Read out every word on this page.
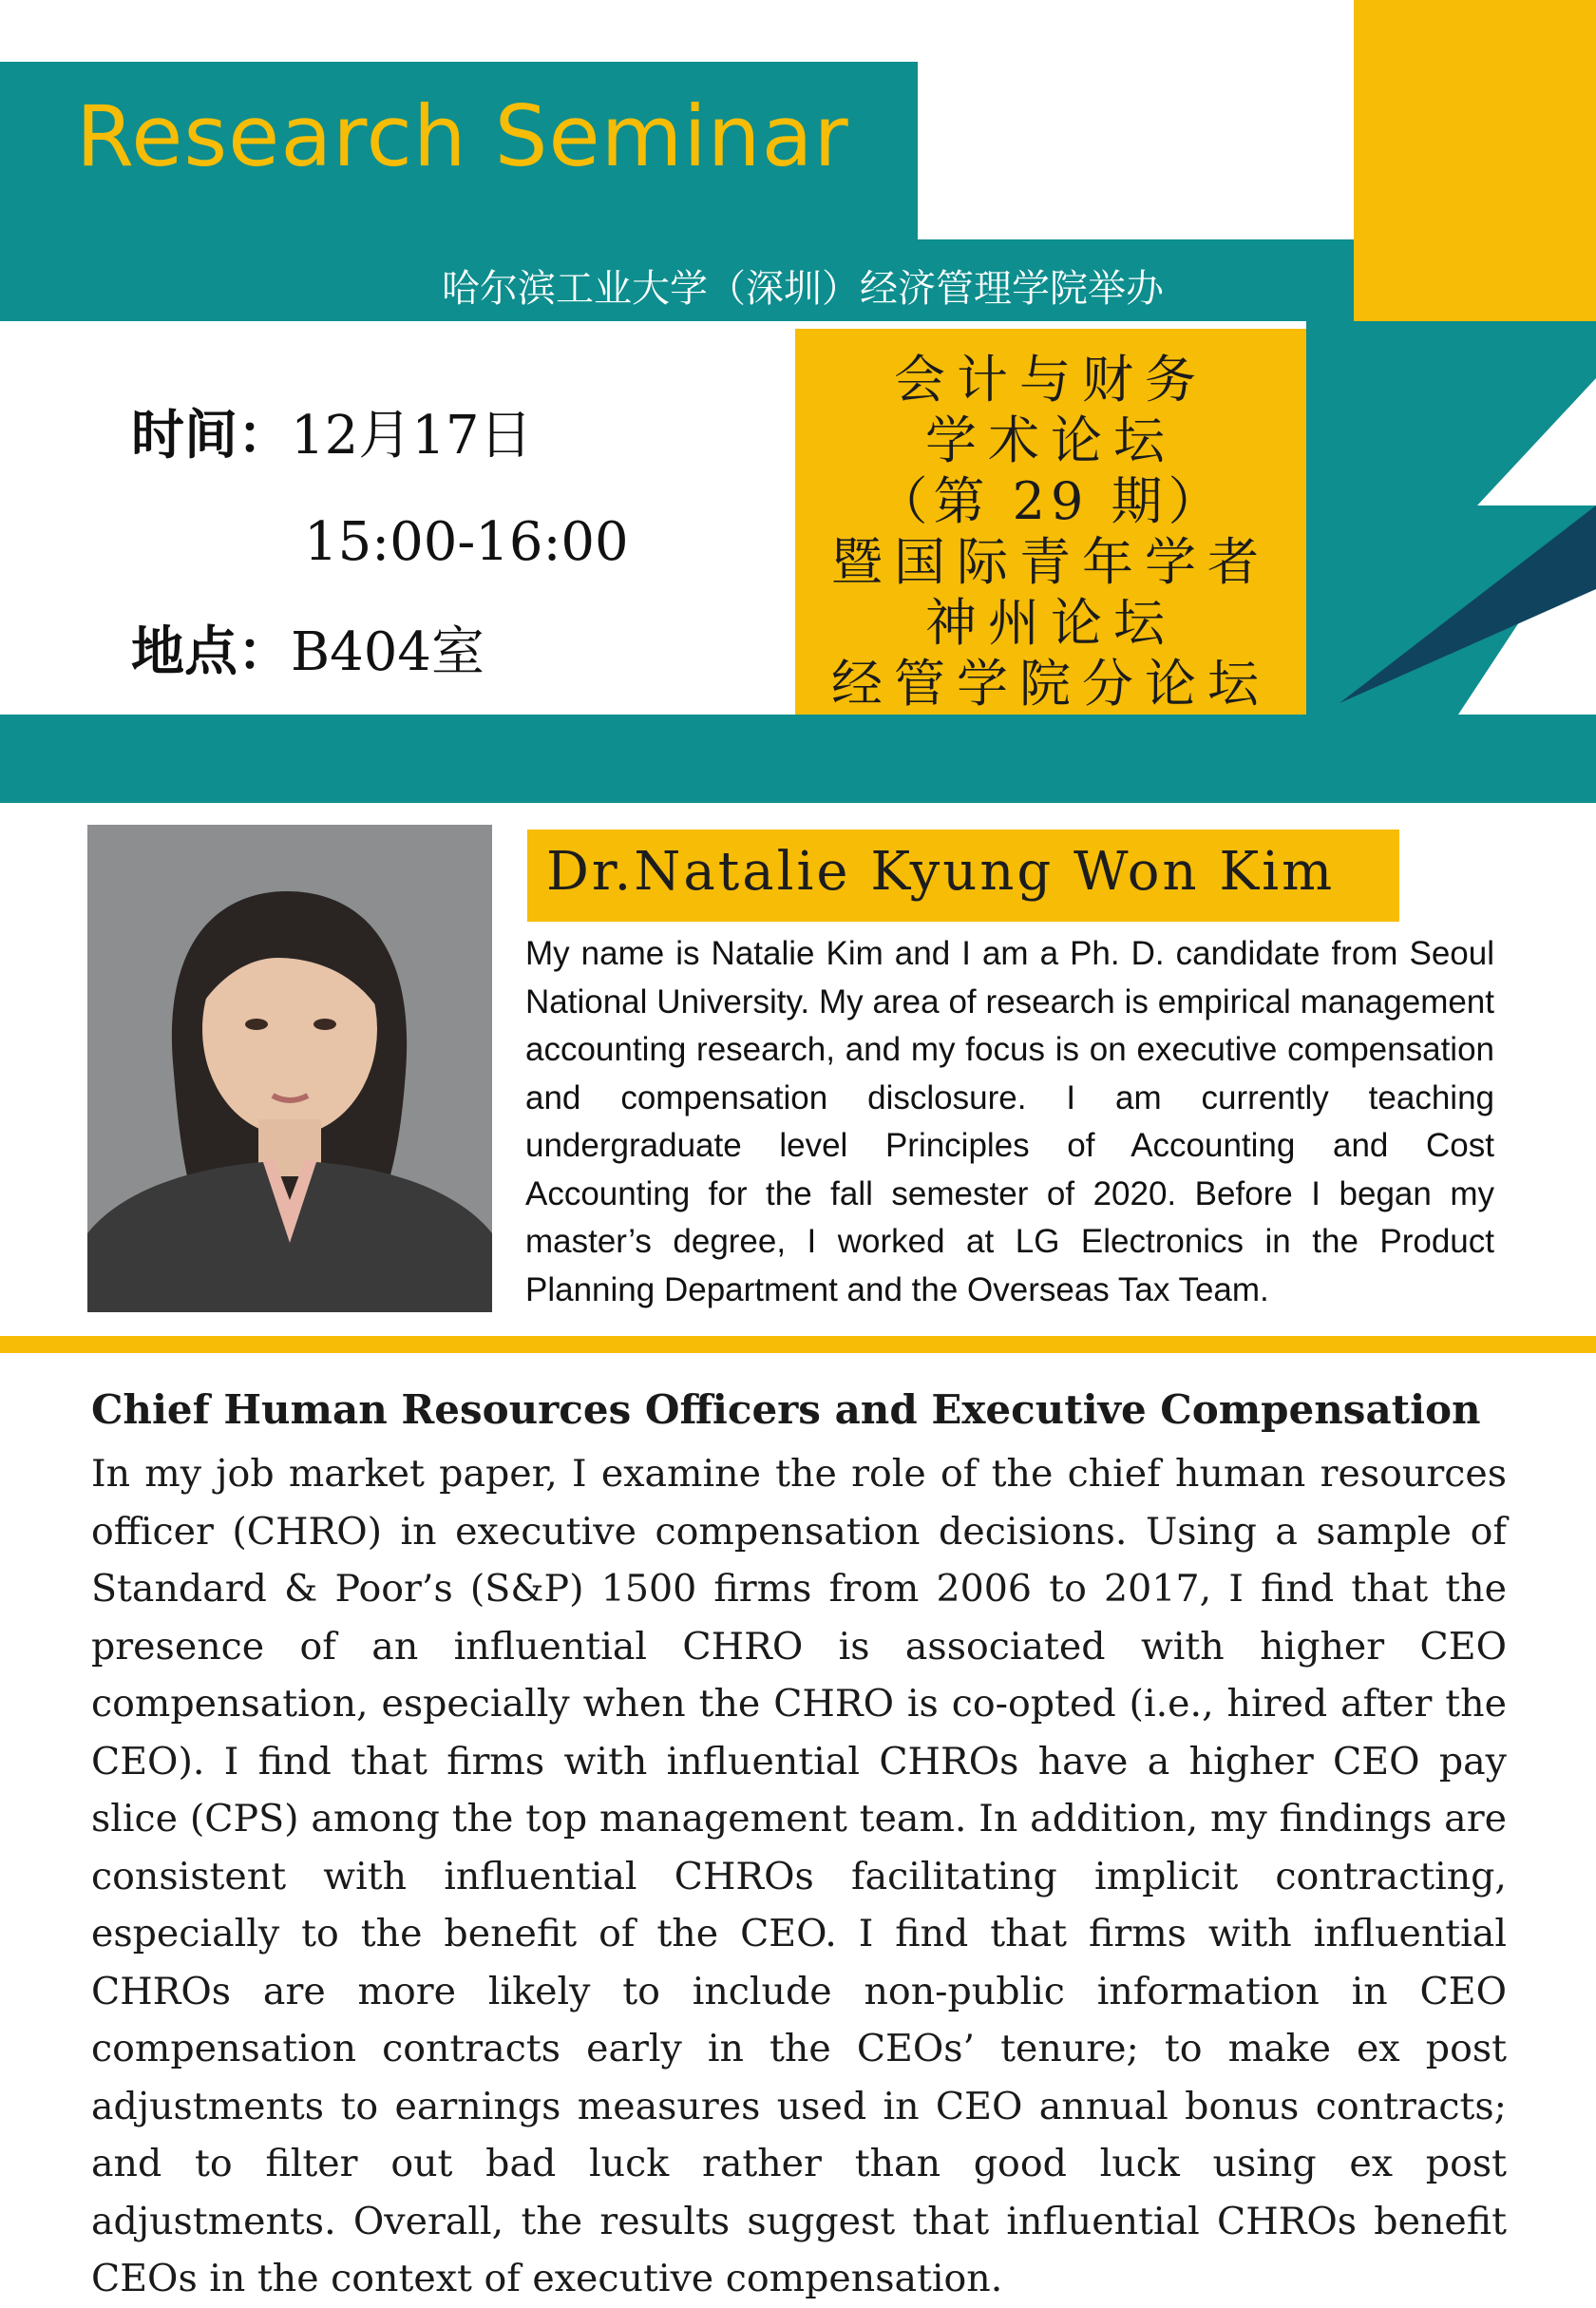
Research Seminar
哈尔滨工业大学（深圳）经济管理学院举办
时间：12月17日
15:00-16:00
地点：B404室
会计与财务
学术论坛
（第 29 期）
暨国际青年学者
神州论坛
经管学院分论坛
Dr.Natalie Kyung Won Kim
My name is Natalie Kim and I am a Ph. D. candidate from Seoul National University. My area of research is empirical management accounting research, and my focus is on executive compensation and compensation disclosure. I am currently teaching undergraduate level Principles of Accounting and Cost Accounting for the fall semester of 2020. Before I began my master’s degree, I worked at LG Electronics in the Product Planning Department and the Overseas Tax Team.
Chief Human Resources Officers and Executive Compensation
In my job market paper, I examine the role of the chief human resources officer (CHRO) in executive compensation decisions. Using a sample of Standard & Poor’s (S&P) 1500 firms from 2006 to 2017, I find that the presence of an influential CHRO is associated with higher CEO compensation, especially when the CHRO is co-opted (i.e., hired after the CEO). I find that firms with influential CHROs have a higher CEO pay slice (CPS) among the top management team. In addition, my findings are consistent with influential CHROs facilitating implicit contracting, especially to the benefit of the CEO. I find that firms with influential CHROs are more likely to include non-public information in CEO compensation contracts early in the CEOs’ tenure; to make ex post adjustments to earnings measures used in CEO annual bonus contracts; and to filter out bad luck rather than good luck using ex post adjustments. Overall, the results suggest that influential CHROs benefit CEOs in the context of executive compensation.
